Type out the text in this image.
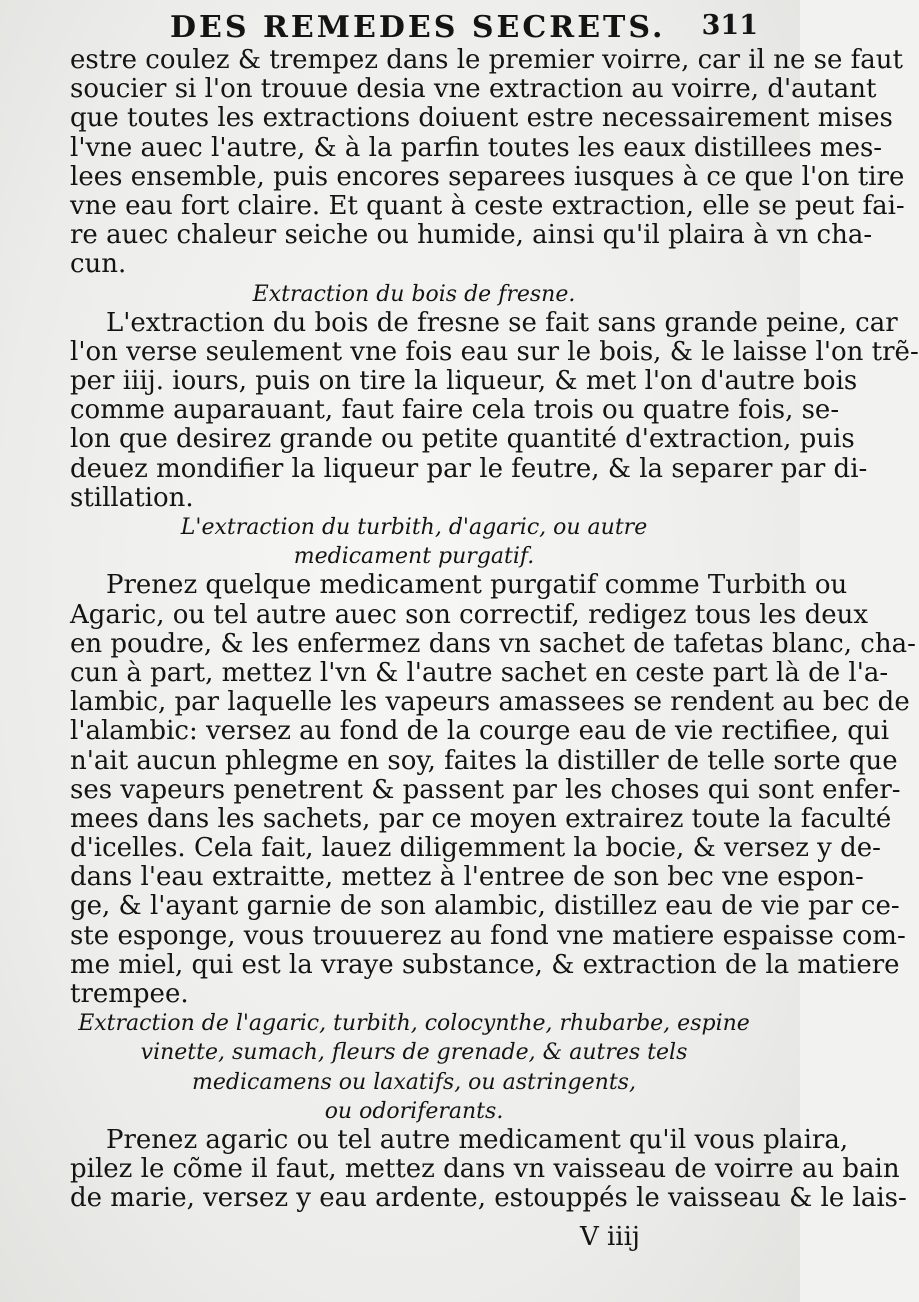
DES REMEDES SECRETS. 311
estre coulez & trempez dans le premier voirre, car il ne se faut
soucier si l'on trouue desia vne extraction au voirre, d'autant
que toutes les extractions doiuent estre necessairement mises
l'vne auec l'autre, & à la parfin toutes les eaux distillees mes-
lees ensemble, puis encores separees iusques à ce que l'on tire
vne eau fort claire. Et quant à ceste extraction, elle se peut fai-
re auec chaleur seiche ou humide, ainsi qu'il plaira à vn cha-
cun.
Extraction du bois de fresne.
L'extraction du bois de fresne se fait sans grande peine, car
l'on verse seulement vne fois eau sur le bois, & le laisse l'on trẽ-
per iiij. iours, puis on tire la liqueur, & met l'on d'autre bois
comme auparauant, faut faire cela trois ou quatre fois, se-
lon que desirez grande ou petite quantité d'extraction, puis
deuez mondifier la liqueur par le feutre, & la separer par di-
stillation.
L'extraction du turbith, d'agaric, ou autre
medicament purgatif.
Prenez quelque medicament purgatif comme Turbith ou
Agaric, ou tel autre auec son correctif, redigez tous les deux
en poudre, & les enfermez dans vn sachet de tafetas blanc, cha-
cun à part, mettez l'vn & l'autre sachet en ceste part là de l'a-
lambic, par laquelle les vapeurs amassees se rendent au bec de
l'alambic: versez au fond de la courge eau de vie rectifiee, qui
n'ait aucun phlegme en soy, faites la distiller de telle sorte que
ses vapeurs penetrent & passent par les choses qui sont enfer-
mees dans les sachets, par ce moyen extrairez toute la faculté
d'icelles. Cela fait, lauez diligemment la bocie, & versez y de-
dans l'eau extraitte, mettez à l'entree de son bec vne espon-
ge, & l'ayant garnie de son alambic, distillez eau de vie par ce-
ste esponge, vous trouuerez au fond vne matiere espaisse com-
me miel, qui est la vraye substance, & extraction de la matiere
trempee.
Extraction de l'agaric, turbith, colocynthe, rhubarbe, espine
vinette, sumach, fleurs de grenade, & autres tels
medicamens ou laxatifs, ou astringents,
ou odoriferants.
Prenez agaric ou tel autre medicament qu'il vous plaira,
pilez le cõme il faut, mettez dans vn vaisseau de voirre au bain
de marie, versez y eau ardente, estouppés le vaisseau & le lais-
V iiij
